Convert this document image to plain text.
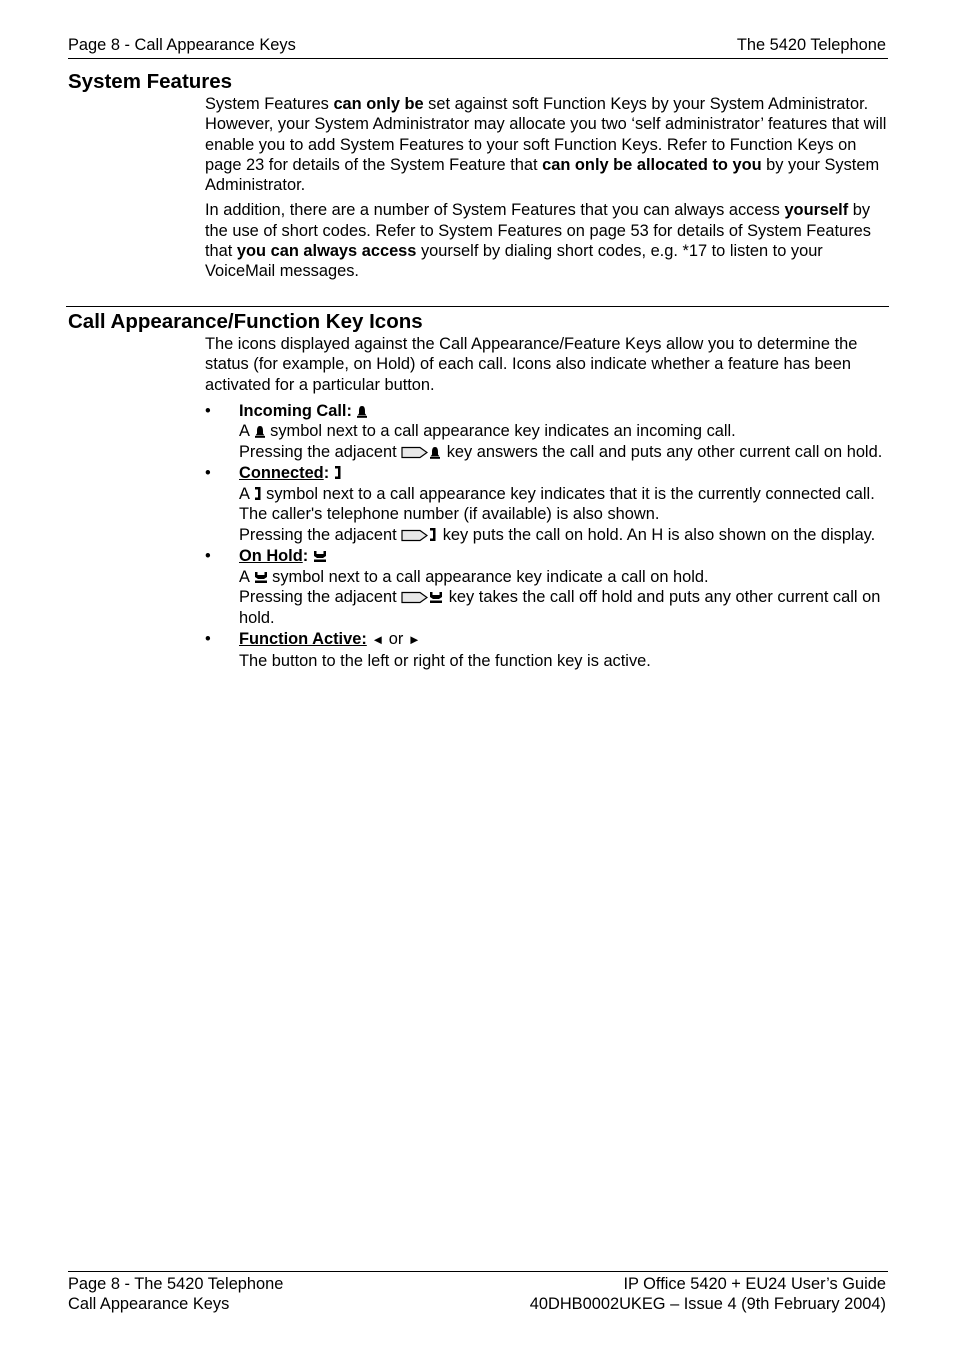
Page 8 - Call Appearance Keys	The 5420 Telephone
System Features

System Features can only be set against soft Function Keys by your System Administrator. However, your System Administrator may allocate you two ‘self administrator’ features that will enable you to add System Features to your soft Function Keys. Refer to Function Keys on page 23 for details of the System Feature that can only be allocated to you by your System Administrator.

In addition, there are a number of System Features that you can always access yourself by the use of short codes. Refer to System Features on page 53 for details of System Features that you can always access yourself by dialing short codes, e.g. *17 to listen to your VoiceMail messages.

Call Appearance/Function Key Icons

The icons displayed against the Call Appearance/Feature Keys allow you to determine the status (for example, on Hold) of each call. Icons also indicate whether a feature has been activated for a particular button.

• Incoming Call:
A  symbol next to a call appearance key indicates an incoming call.
Pressing the adjacent	key answers the call and puts any other current call on hold.
• Connected:
A  symbol next to a call appearance key indicates that it is the currently connected call. The caller's telephone number (if available) is also shown.
Pressing the adjacent  key puts the call on hold. An H is also shown on the display.
• On Hold:
A  symbol next to a call appearance key indicate a call on hold.
Pressing the adjacent	key takes the call off hold and puts any other current call on hold.
• Function Active: ◄ or ►
The button to the left or right of the function key is active.
Page 8 - The 5420 Telephone	IP Office 5420 + EU24 User’s Guide
Call Appearance Keys	40DHB0002UKEG – Issue 4 (9th February 2004)
